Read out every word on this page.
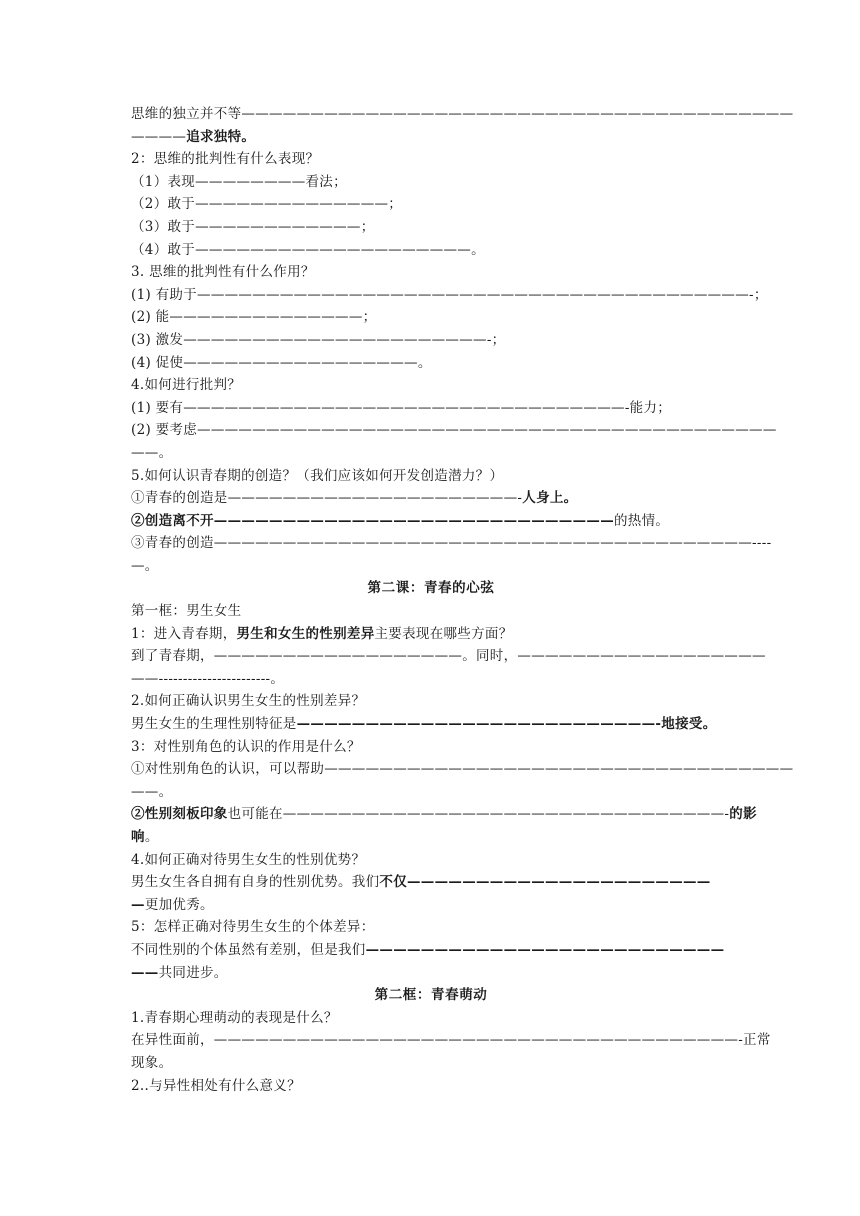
思维的独立并不等————————————————————————————————————————
————追求独特。
2：思维的批判性有什么表现？
（1）表现————————看法；
（2）敢于——————————————；
（3）敢于————————————；
（4）敢于————————————————————。
3. 思维的批判性有什么作用？
(1) 有助于————————————————————————————————————————-；
(2) 能——————————————；
(3) 激发——————————————————————-；
(4) 促使—————————————————。
4.如何进行批判？
(1) 要有————————————————————————————————-能力；
(2) 要考虑——————————————————————————————————————————
——。
5.如何认识青春期的创造？（我们应该如何开发创造潜力？）
①青春的创造是—————————————————————-人身上。
②创造离不开—————————————————————————————的热情。
③青春的创造———————————————————————————————————————----
—。
第二课：青春的心弦
第一框：男生女生
1：进入青春期，男生和女生的性别差异主要表现在哪些方面？
到了青春期，——————————————————。同时，——————————————————
——-----------------------。
2.如何正确认识男生女生的性别差异？
男生女生的生理性别特征是——————————————————————————-地接受。
3：对性别角色的认识的作用是什么？
①对性别角色的认识，可以帮助——————————————————————————————————
——。
②性别刻板印象也可能在————————————————————————————————-的影
响。
4.如何正确对待男生女生的性别优势？
男生女生各自拥有自身的性别优势。我们不仅——————————————————————
—更加优秀。
5：怎样正确对待男生女生的个体差异：
不同性别的个体虽然有差别，但是我们——————————————————————————
——共同进步。
第二框：青春萌动
1.青春期心理萌动的表现是什么？
在异性面前，——————————————————————————————————————-正常
现象。
2..与异性相处有什么意义？
